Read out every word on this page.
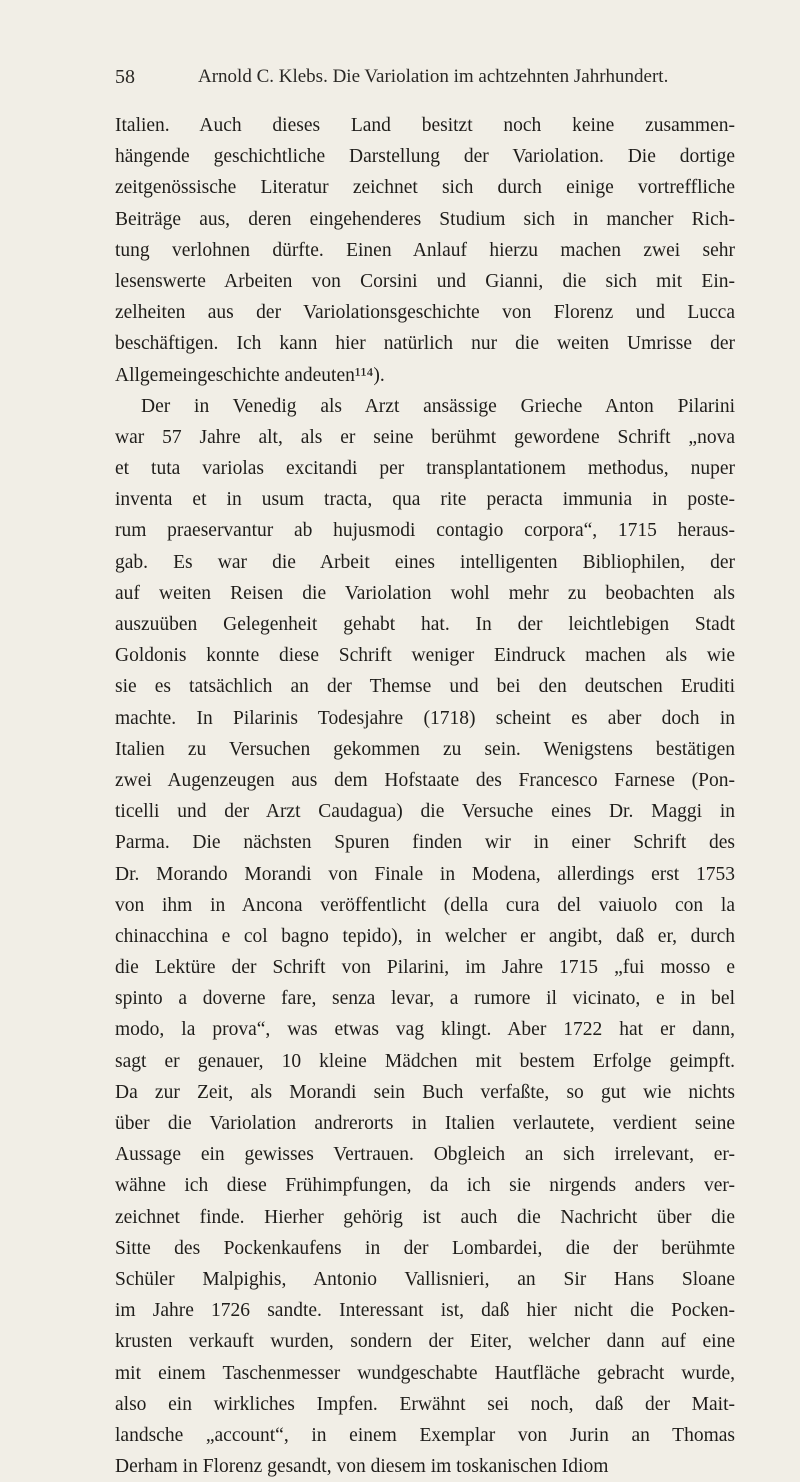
58	Arnold C. Klebs. Die Variolation im achtzehnten Jahrhundert.
Italien. Auch dieses Land besitzt noch keine zusammen-
hängende geschichtliche Darstellung der Variolation. Die dortige
zeitgenössische Literatur zeichnet sich durch einige vortreffliche
Beiträge aus, deren eingehenderes Studium sich in mancher Rich-
tung verlohnen dürfte. Einen Anlauf hierzu machen zwei sehr
lesenswerte Arbeiten von Corsini und Gianni, die sich mit Ein-
zelheiten aus der Variolationsgeschichte von Florenz und Lucca
beschäftigen. Ich kann hier natürlich nur die weiten Umrisse der
Allgemeingeschichte andeuten¹¹⁴).
Der in Venedig als Arzt ansässige Grieche Anton Pilarini
war 57 Jahre alt, als er seine berühmt gewordene Schrift „nova
et tuta variolas excitandi per transplantationem methodus, nuper
inventa et in usum tracta, qua rite peracta immunia in poste-
rum praeservantur ab hujusmodi contagio corpora“, 1715 heraus-
gab. Es war die Arbeit eines intelligenten Bibliophilen, der
auf weiten Reisen die Variolation wohl mehr zu beobachten als
auszuüben Gelegenheit gehabt hat. In der leichtlebigen Stadt
Goldonis konnte diese Schrift weniger Eindruck machen als wie
sie es tatsächlich an der Themse und bei den deutschen Eruditi
machte. In Pilarinis Todesjahre (1718) scheint es aber doch in
Italien zu Versuchen gekommen zu sein. Wenigstens bestätigen
zwei Augenzeugen aus dem Hofstaate des Francesco Farnese (Pon-
ticelli und der Arzt Caudagua) die Versuche eines Dr. Maggi in
Parma. Die nächsten Spuren finden wir in einer Schrift des
Dr. Morando Morandi von Finale in Modena, allerdings erst 1753
von ihm in Ancona veröffentlicht (della cura del vaiuolo con la
chinacchina e col bagno tepido), in welcher er angibt, daß er, durch
die Lektüre der Schrift von Pilarini, im Jahre 1715 „fui mosso e
spinto a doverne fare, senza levar, a rumore il vicinato, e in bel
modo, la prova“, was etwas vag klingt. Aber 1722 hat er dann,
sagt er genauer, 10 kleine Mädchen mit bestem Erfolge geimpft.
Da zur Zeit, als Morandi sein Buch verfaßte, so gut wie nichts
über die Variolation andrerorts in Italien verlautete, verdient seine
Aussage ein gewisses Vertrauen. Obgleich an sich irrelevant, er-
wähne ich diese Frühimpfungen, da ich sie nirgends anders ver-
zeichnet finde. Hierher gehörig ist auch die Nachricht über die
Sitte des Pockenkaufens in der Lombardei, die der berühmte
Schüler Malpighis, Antonio Vallisnieri, an Sir Hans Sloane
im Jahre 1726 sandte. Interessant ist, daß hier nicht die Pocken-
krusten verkauft wurden, sondern der Eiter, welcher dann auf eine
mit einem Taschenmesser wundgeschabte Hautfläche gebracht wurde,
also ein wirkliches Impfen. Erwähnt sei noch, daß der Mait-
landsche „account“, in einem Exemplar von Jurin an Thomas
Derham in Florenz gesandt, von diesem im toskanischen Idiom
